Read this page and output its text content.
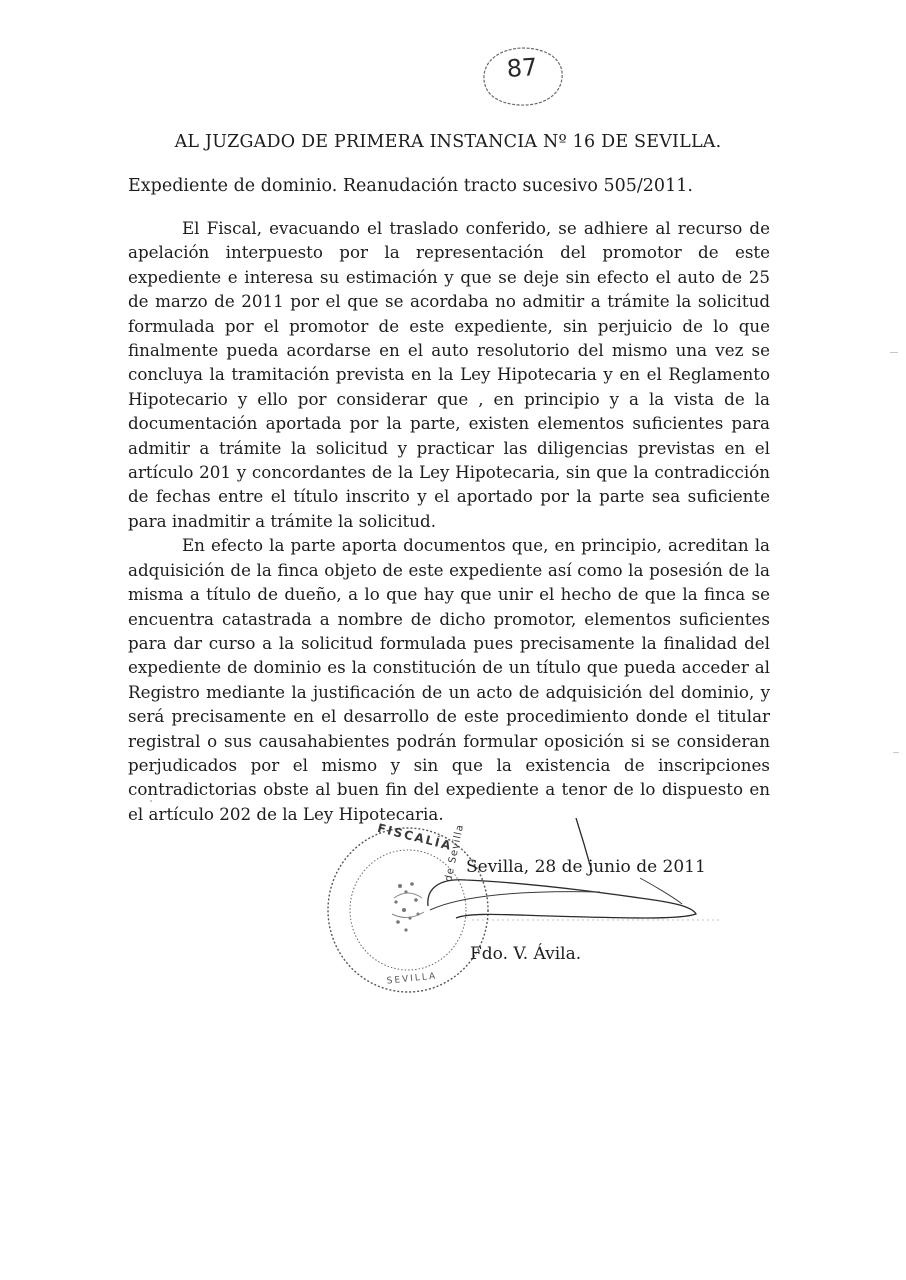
87
AL JUZGADO DE PRIMERA INSTANCIA Nº 16 DE SEVILLA.
Expediente de dominio. Reanudación tracto sucesivo 505/2011.

El Fiscal, evacuando el traslado conferido, se adhiere al recurso de apelación interpuesto por la representación del promotor de este expediente e interesa su estimación y que se deje sin efecto el auto de 25 de marzo de 2011 por el que se acordaba no admitir a trámite la solicitud formulada por el promotor de este expediente, sin perjuicio de lo que finalmente pueda acordarse en el auto resolutorio del mismo una vez se concluya la tramitación prevista en la Ley Hipotecaria y en el Reglamento Hipotecario y ello por considerar que , en principio y a la vista de la documentación aportada por la parte, existen elementos suficientes para admitir a trámite la solicitud y practicar las diligencias previstas en el artículo 201 y concordantes de la Ley Hipotecaria, sin que la contradicción de fechas entre el título inscrito y el aportado por la parte sea suficiente para inadmitir a trámite la solicitud.

En efecto la parte aporta documentos que, en principio, acreditan la adquisición de la finca objeto de este expediente así como la posesión de la misma a título de dueño, a lo que hay que unir el hecho de que la finca se encuentra catastrada a nombre de dicho promotor, elementos suficientes para dar curso a la solicitud formulada pues precisamente la finalidad del expediente de dominio es la constitución de un título que pueda acceder al Registro mediante la justificación de un acto de adquisición del dominio, y será precisamente en el desarrollo de este procedimiento donde el titular registral o sus causahabientes podrán formular oposición si se consideran perjudicados por el mismo y sin que la existencia de inscripciones contradictorias obste al buen fin del expediente a tenor de lo dispuesto en el artículo 202 de la Ley Hipotecaria.

FISCALÍA
de Sevilla
SEVILLA
Sevilla, 28 de junio de 2011
Fdo. V. Ávila.
